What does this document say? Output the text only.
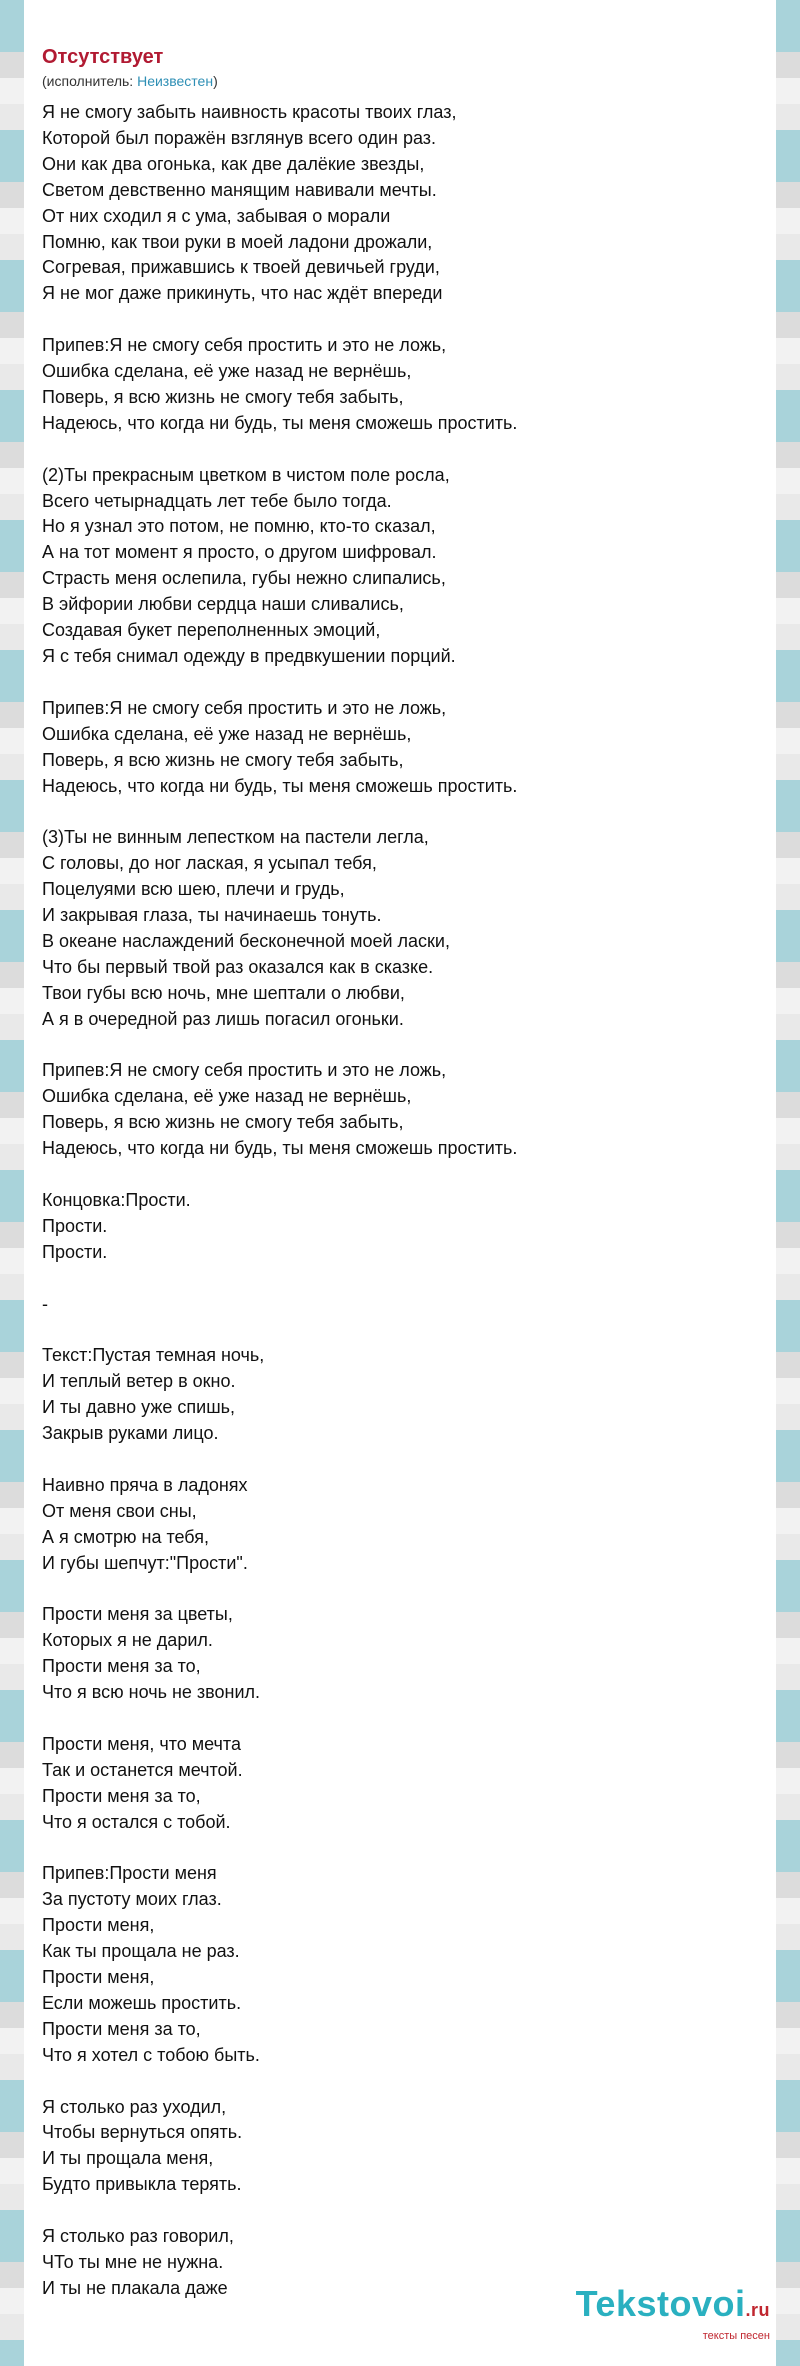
Отсутствует
(исполнитель: Неизвестен)
Я не смогу забыть наивность красоты твоих глаз,
Которой был поражён взглянув всего один раз.
Они как два огонька, как две далёкие звезды,
Светом девственно манящим навивали мечты.
От них сходил я с ума, забывая о морали
Помню, как твои руки в моей ладони дрожали,
Согревая, прижавшись к твоей девичьей груди,
Я не мог даже прикинуть, что нас ждёт впереди
Припев:Я не смогу себя простить и это не ложь,
Ошибка сделана, её уже назад не вернёшь,
Поверь, я всю жизнь не смогу тебя забыть,
Надеюсь, что когда ни будь, ты меня сможешь простить.
(2)Ты прекрасным цветком в чистом поле росла,
Всего четырнадцать лет тебе было тогда.
Но я узнал это потом, не помню, кто-то сказал,
А на тот момент я просто, о другом шифровал.
Страсть меня ослепила, губы нежно слипались,
В эйфории любви сердца наши сливались,
Создавая букет переполненных эмоций,
Я с тебя снимал одежду в предвкушении порций.
Припев:Я не смогу себя простить и это не ложь,
Ошибка сделана, её уже назад не вернёшь,
Поверь, я всю жизнь не смогу тебя забыть,
Надеюсь, что когда ни будь, ты меня сможешь простить.
(3)Ты не винным лепестком на пастели легла,
С головы, до ног лаская, я усыпал тебя,
Поцелуями всю шею, плечи и грудь,
И закрывая глаза, ты начинаешь тонуть.
В океане наслаждений бесконечной моей ласки,
Что бы первый твой раз оказался как в сказке.
Твои губы всю ночь, мне шептали о любви,
А я в очередной раз лишь погасил огоньки.
Припев:Я не смогу себя простить и это не ложь,
Ошибка сделана, её уже назад не вернёшь,
Поверь, я всю жизнь не смогу тебя забыть,
Надеюсь, что когда ни будь, ты меня сможешь простить.
Концовка:Прости.
Прости.
Прости.
-
Текст:Пустая темная ночь,
И теплый ветер в окно.
И ты давно уже спишь,
Закрыв руками лицо.
Наивно пряча в ладонях
От меня свои сны,
А я смотрю на тебя,
И губы шепчут:"Прости".
Прости меня за цветы,
Которых я не дарил.
Прости меня за то,
Что я всю ночь не звонил.
Прости меня, что мечта
Так и останется мечтой.
Прости меня за то,
Что я остался с тобой.
Припев:Прости меня
За пустоту моих глаз.
Прости меня,
Как ты прощала не раз.
Прости меня,
Если можешь простить.
Прости меня за то,
Что я хотел с тобою быть.
Я столько раз уходил,
Чтобы вернуться опять.
И ты прощала меня,
Будто привыкла терять.
Я столько раз говорил,
ЧТо ты мне не нужна.
И ты не плакала даже	Tekstovoi.ru
тексты песен
